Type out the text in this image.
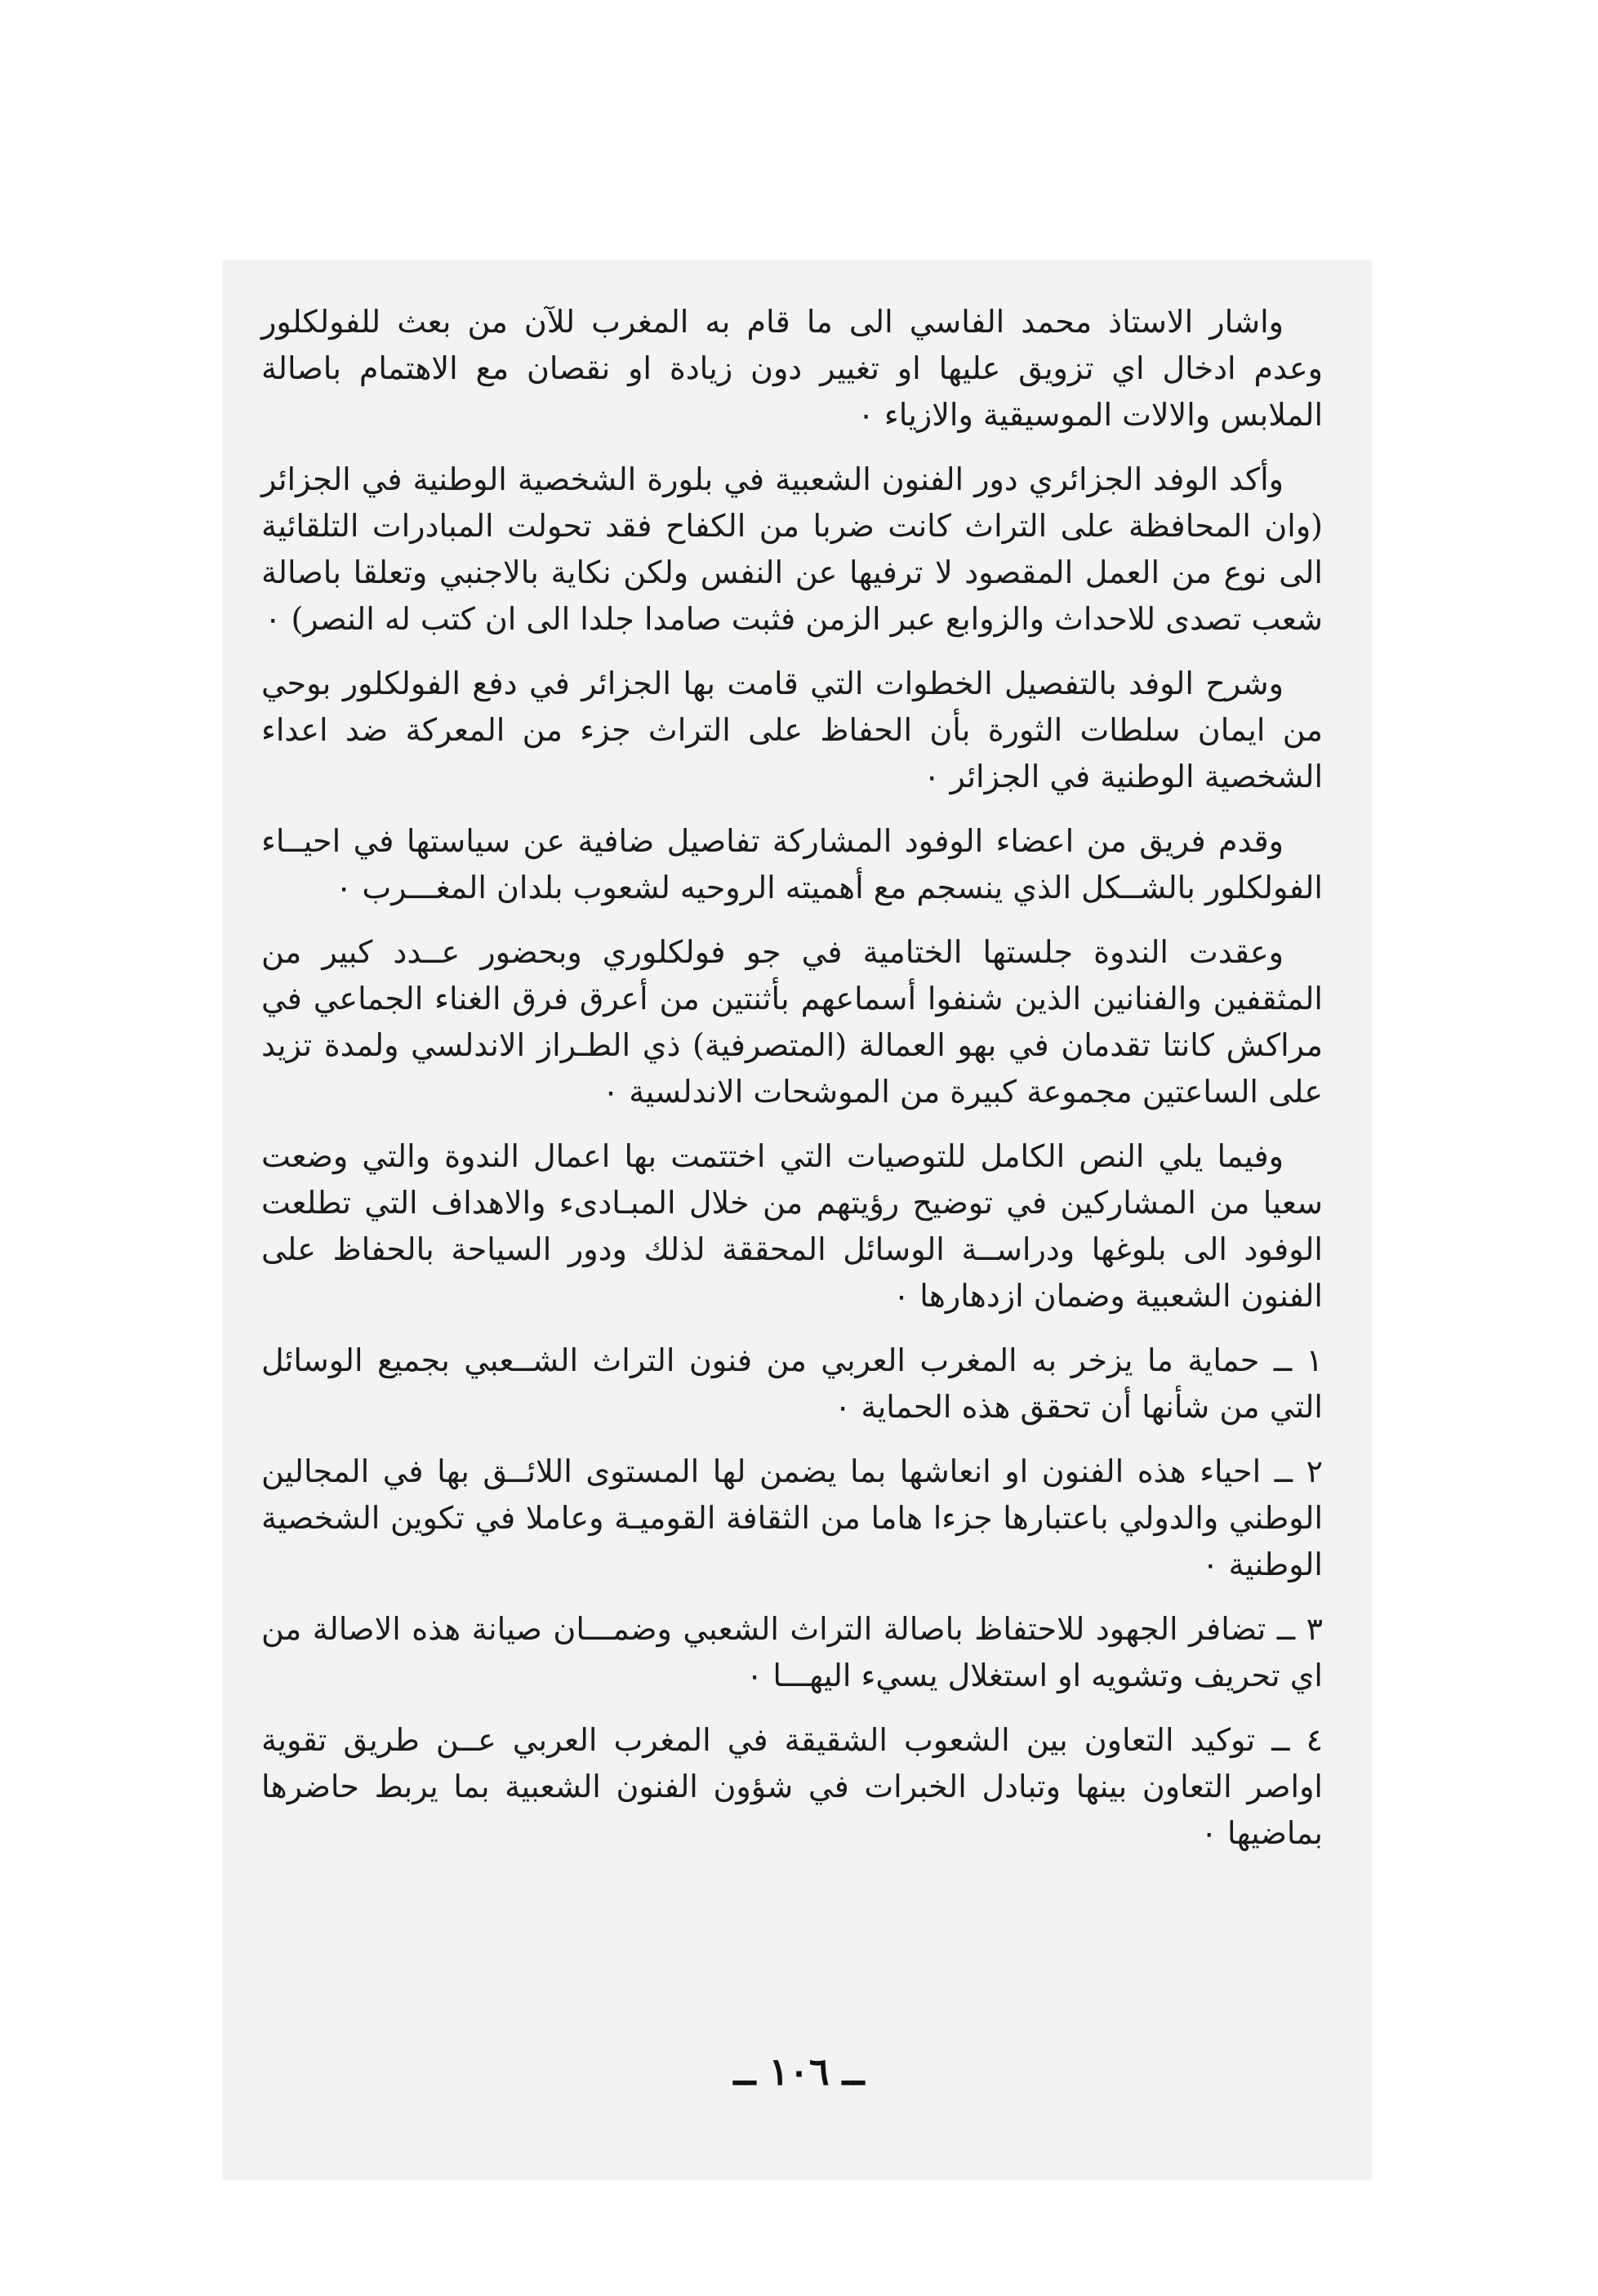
واشار الاستاذ محمد الفاسي الى ما قام به المغرب للآن من بعث للفولكلور وعدم ادخال اي تزويق عليها او تغيير دون زيادة او نقصان مع الاهتمام باصالة الملابس والالات الموسيقية والازياء ٠

وأكد الوفد الجزائري دور الفنون الشعبية في بلورة الشخصية الوطنية في الجزائر (وان المحافظة على التراث كانت ضربا من الكفاح فقد تحولت المبادرات التلقائية الى نوع من العمل المقصود لا ترفيها عن النفس ولكن نكاية بالاجنبي وتعلقا باصالة شعب تصدى للاحداث والزوابع عبر الزمن فثبت صامدا جلدا الى ان كتب له النصر) ٠

وشرح الوفد بالتفصيل الخطوات التي قامت بها الجزائر في دفع الفولكلور بوحي من ايمان سلطات الثورة بأن الحفاظ على التراث جزء من المعركة ضد اعداء الشخصية الوطنية في الجزائر ٠

وقدم فريق من اعضاء الوفود المشاركة تفاصيل ضافية عن سياستها في احيــاء الفولكلور بالشــكل الذي ينسجم مع أهميته الروحيه لشعوب بلدان المغـــرب ٠

وعقدت الندوة جلستها الختامية في جو فولكلوري وبحضور عــدد كبير من المثقفين والفنانين الذين شنفوا أسماعهم بأثنتين من أعرق فرق الغناء الجماعي في مراكش كانتا تقدمان في بهو العمالة (المتصرفية) ذي الطـراز الاندلسي ولمدة تزيد على الساعتين مجموعة كبيرة من الموشحات الاندلسية ٠

وفيما يلي النص الكامل للتوصيات التي اختتمت بها اعمال الندوة والتي وضعت سعيا من المشاركين في توضيح رؤيتهم من خلال المبـادىء والاهداف التي تطلعت الوفود الى بلوغها ودراســة الوسائل المحققة لذلك ودور السياحة بالحفاظ على الفنون الشعبية وضمان ازدهارها ٠

١ ــ حماية ما يزخر به المغرب العربي من فنون التراث الشــعبي بجميع الوسائل التي من شأنها أن تحقق هذه الحماية ٠

٢ ــ احياء هذه الفنون او انعاشها بما يضمن لها المستوى اللائــق بها في المجالين الوطني والدولي باعتبارها جزءا هاما من الثقافة القوميـة وعاملا في تكوين الشخصية الوطنية ٠

٣ ــ تضافر الجهود للاحتفاظ باصالة التراث الشعبي وضمـــان صيانة هذه الاصالة من اي تحريف وتشويه او استغلال يسيء اليهـــا ٠

٤ ــ توكيد التعاون بين الشعوب الشقيقة في المغرب العربي عــن طريق تقوية اواصر التعاون بينها وتبادل الخبرات في شؤون الفنون الشعبية بما يربط حاضرها بماضيها ٠

ــ ١٠٦ ــ
